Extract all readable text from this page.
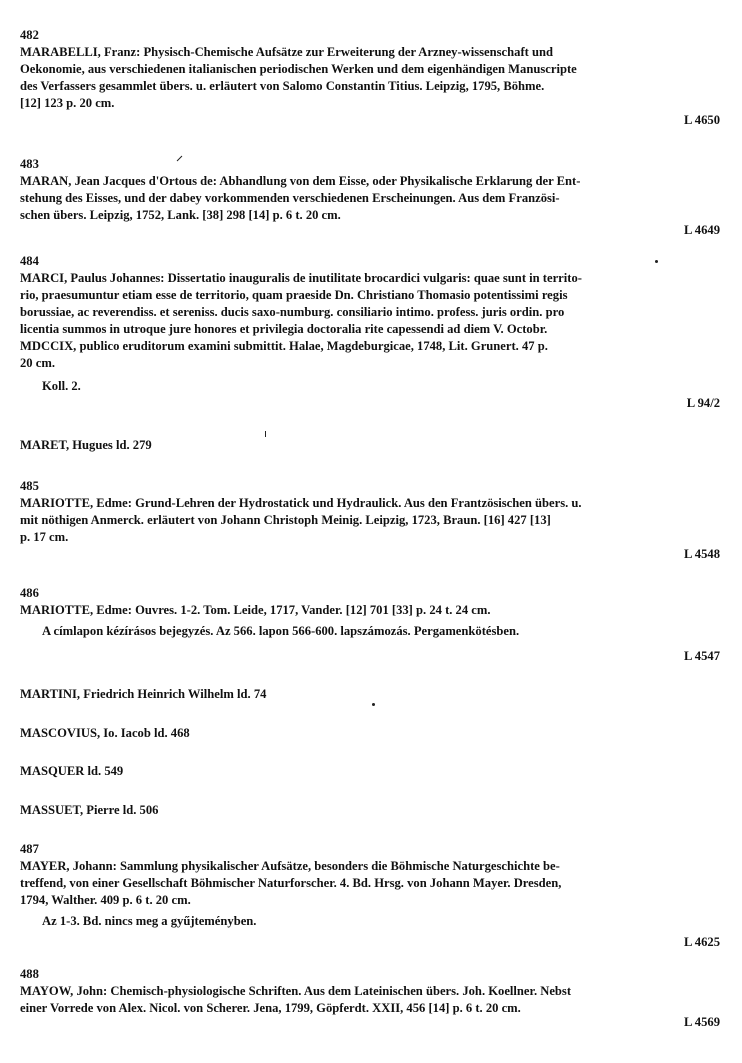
482
MARABELLI, Franz: Physisch-Chemische Aufsätze zur Erweiterung der Arzney-wissenschaft und
Oekonomie, aus verschiedenen italianischen periodischen Werken und dem eigenhändigen Manuscripte
des Verfassers gesammlet übers. u. erläutert von Salomo Constantin Titius. Leipzig, 1795, Böhme.
[12] 123 p. 20 cm.
L 4650
483
MARAN, Jean Jacques d'Ortous de: Abhandlung von dem Eisse, oder Physikalische Erklarung der Ent-
stehung des Eisses, und der dabey vorkommenden verschiedenen Erscheinungen. Aus dem Französi-
schen übers. Leipzig, 1752, Lank. [38] 298 [14] p. 6 t. 20 cm.
L 4649
484
MARCI, Paulus Johannes: Dissertatio inauguralis de inutilitate brocardici vulgaris: quae sunt in territo-
rio, praesumuntur etiam esse de territorio, quam praeside Dn. Christiano Thomasio potentissimi regis
borussiae, ac reverendiss. et sereniss. ducis saxo-numburg. consiliario intimo. profess. juris ordin. pro
licentia summos in utroque jure honores et privilegia doctoralia rite capessendi ad diem V. Octobr.
MDCCIX, publico eruditorum examini submittit. Halae, Magdeburgicae, 1748, Lit. Grunert. 47 p.
20 cm.
Koll. 2.
L 94/2
MARET, Hugues ld. 279
485
MARIOTTE, Edme: Grund-Lehren der Hydrostatick und Hydraulick. Aus den Frantzösischen übers. u.
mit nöthigen Anmerck. erläutert von Johann Christoph Meinig. Leipzig, 1723, Braun. [16] 427 [13]
p. 17 cm.
L 4548
486
MARIOTTE, Edme: Ouvres. 1-2. Tom. Leide, 1717, Vander. [12] 701 [33] p. 24 t. 24 cm.
A címlapon kézírásos bejegyzés. Az 566. lapon 566-600. lapszámozás. Pergamenkötésben.
L 4547
MARTINI, Friedrich Heinrich Wilhelm ld. 74
MASCOVIUS, Io. Iacob ld. 468
MASQUER ld. 549
MASSUET, Pierre ld. 506
487
MAYER, Johann: Sammlung physikalischer Aufsätze, besonders die Böhmische Naturgeschichte be-
treffend, von einer Gesellschaft Böhmischer Naturforscher. 4. Bd. Hrsg. von Johann Mayer. Dresden,
1794, Walther. 409 p. 6 t. 20 cm.
Az 1-3. Bd. nincs meg a gyűjteményben.
L 4625
488
MAYOW, John: Chemisch-physiologische Schriften. Aus dem Lateinischen übers. Joh. Koellner. Nebst
einer Vorrede von Alex. Nicol. von Scherer. Jena, 1799, Göpferdt. XXII, 456 [14] p. 6 t. 20 cm.
L 4569
